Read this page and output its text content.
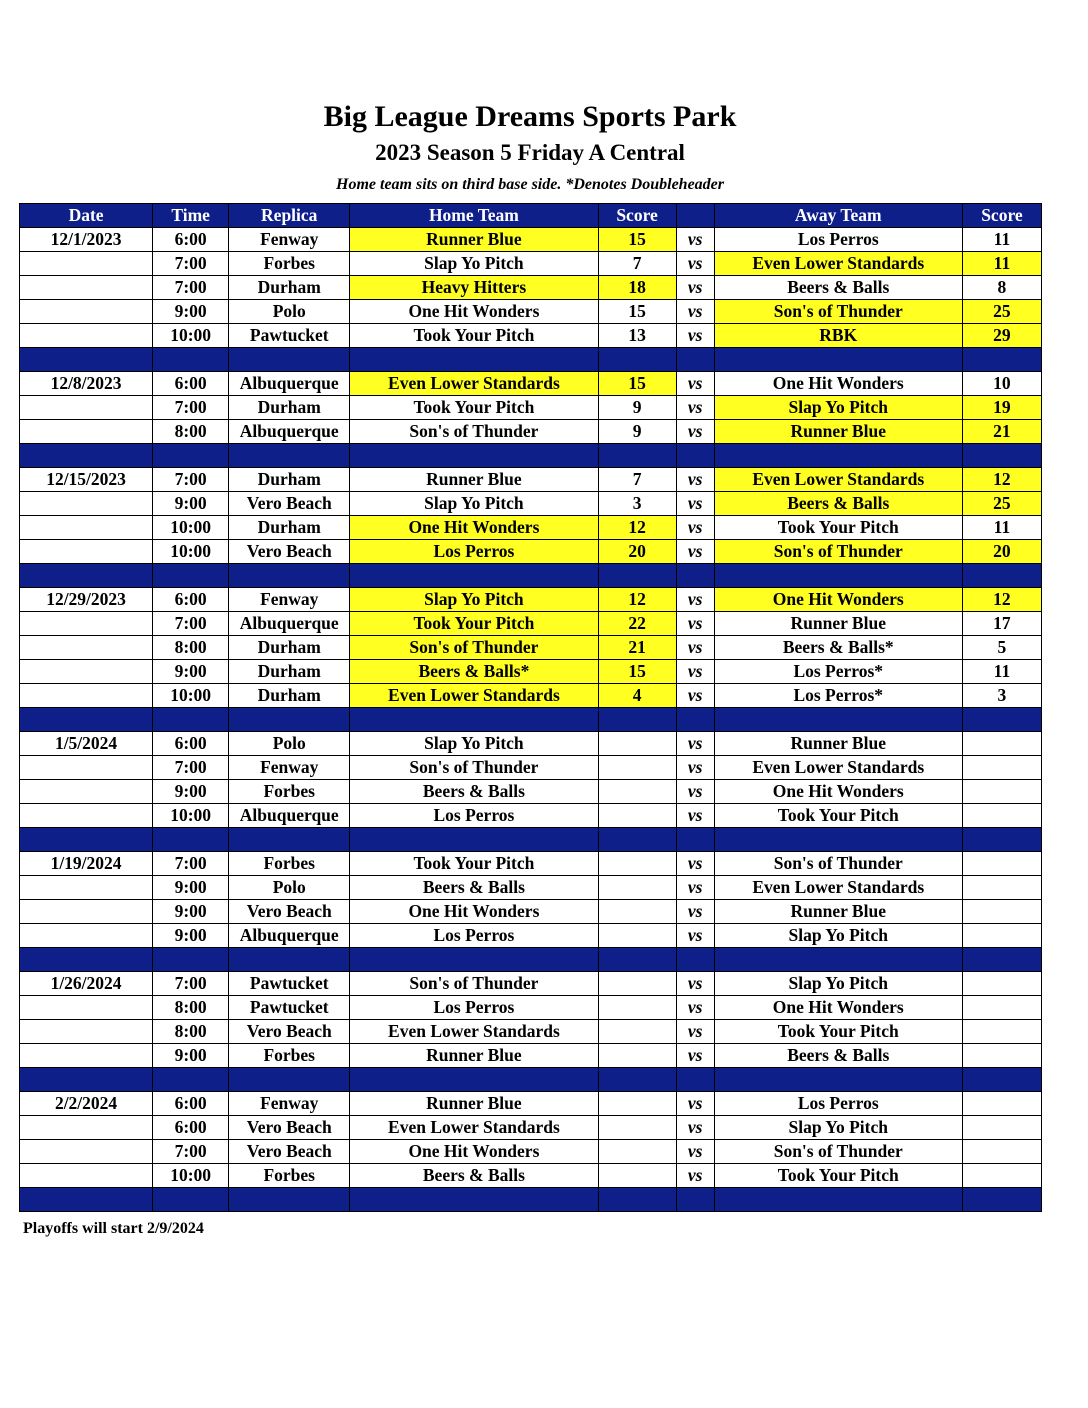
Big League Dreams Sports Park
2023 Season 5 Friday A Central
Home team sits on third base side. *Denotes Doubleheader
Date	Time	Replica	Home Team	Score		Away Team	Score
12/1/2023	6:00	Fenway	Runner Blue	15	vs	Los Perros	11
	7:00	Forbes	Slap Yo Pitch	7	vs	Even Lower Standards	11
	7:00	Durham	Heavy Hitters	18	vs	Beers & Balls	8
	9:00	Polo	One Hit Wonders	15	vs	Son's of Thunder	25
	10:00	Pawtucket	Took Your Pitch	13	vs	RBK	29

12/8/2023	6:00	Albuquerque	Even Lower Standards	15	vs	One Hit Wonders	10
	7:00	Durham	Took Your Pitch	9	vs	Slap Yo Pitch	19
	8:00	Albuquerque	Son's of Thunder	9	vs	Runner Blue	21

12/15/2023	7:00	Durham	Runner Blue	7	vs	Even Lower Standards	12
	9:00	Vero Beach	Slap Yo Pitch	3	vs	Beers & Balls	25
	10:00	Durham	One Hit Wonders	12	vs	Took Your Pitch	11
	10:00	Vero Beach	Los Perros	20	vs	Son's of Thunder	20

12/29/2023	6:00	Fenway	Slap Yo Pitch	12	vs	One Hit Wonders	12
	7:00	Albuquerque	Took Your Pitch	22	vs	Runner Blue	17
	8:00	Durham	Son's of Thunder	21	vs	Beers & Balls*	5
	9:00	Durham	Beers & Balls*	15	vs	Los Perros*	11
	10:00	Durham	Even Lower Standards	4	vs	Los Perros*	3

1/5/2024	6:00	Polo	Slap Yo Pitch		vs	Runner Blue	
	7:00	Fenway	Son's of Thunder		vs	Even Lower Standards	
	9:00	Forbes	Beers & Balls		vs	One Hit Wonders	
	10:00	Albuquerque	Los Perros		vs	Took Your Pitch	

1/19/2024	7:00	Forbes	Took Your Pitch		vs	Son's of Thunder	
	9:00	Polo	Beers & Balls		vs	Even Lower Standards	
	9:00	Vero Beach	One Hit Wonders		vs	Runner Blue	
	9:00	Albuquerque	Los Perros		vs	Slap Yo Pitch	

1/26/2024	7:00	Pawtucket	Son's of Thunder		vs	Slap Yo Pitch	
	8:00	Pawtucket	Los Perros		vs	One Hit Wonders	
	8:00	Vero Beach	Even Lower Standards		vs	Took Your Pitch	
	9:00	Forbes	Runner Blue		vs	Beers & Balls	

2/2/2024	6:00	Fenway	Runner Blue		vs	Los Perros	
	6:00	Vero Beach	Even Lower Standards		vs	Slap Yo Pitch	
	7:00	Vero Beach	One Hit Wonders		vs	Son's of Thunder	
	10:00	Forbes	Beers & Balls		vs	Took Your Pitch	

Playoffs will start 2/9/2024
